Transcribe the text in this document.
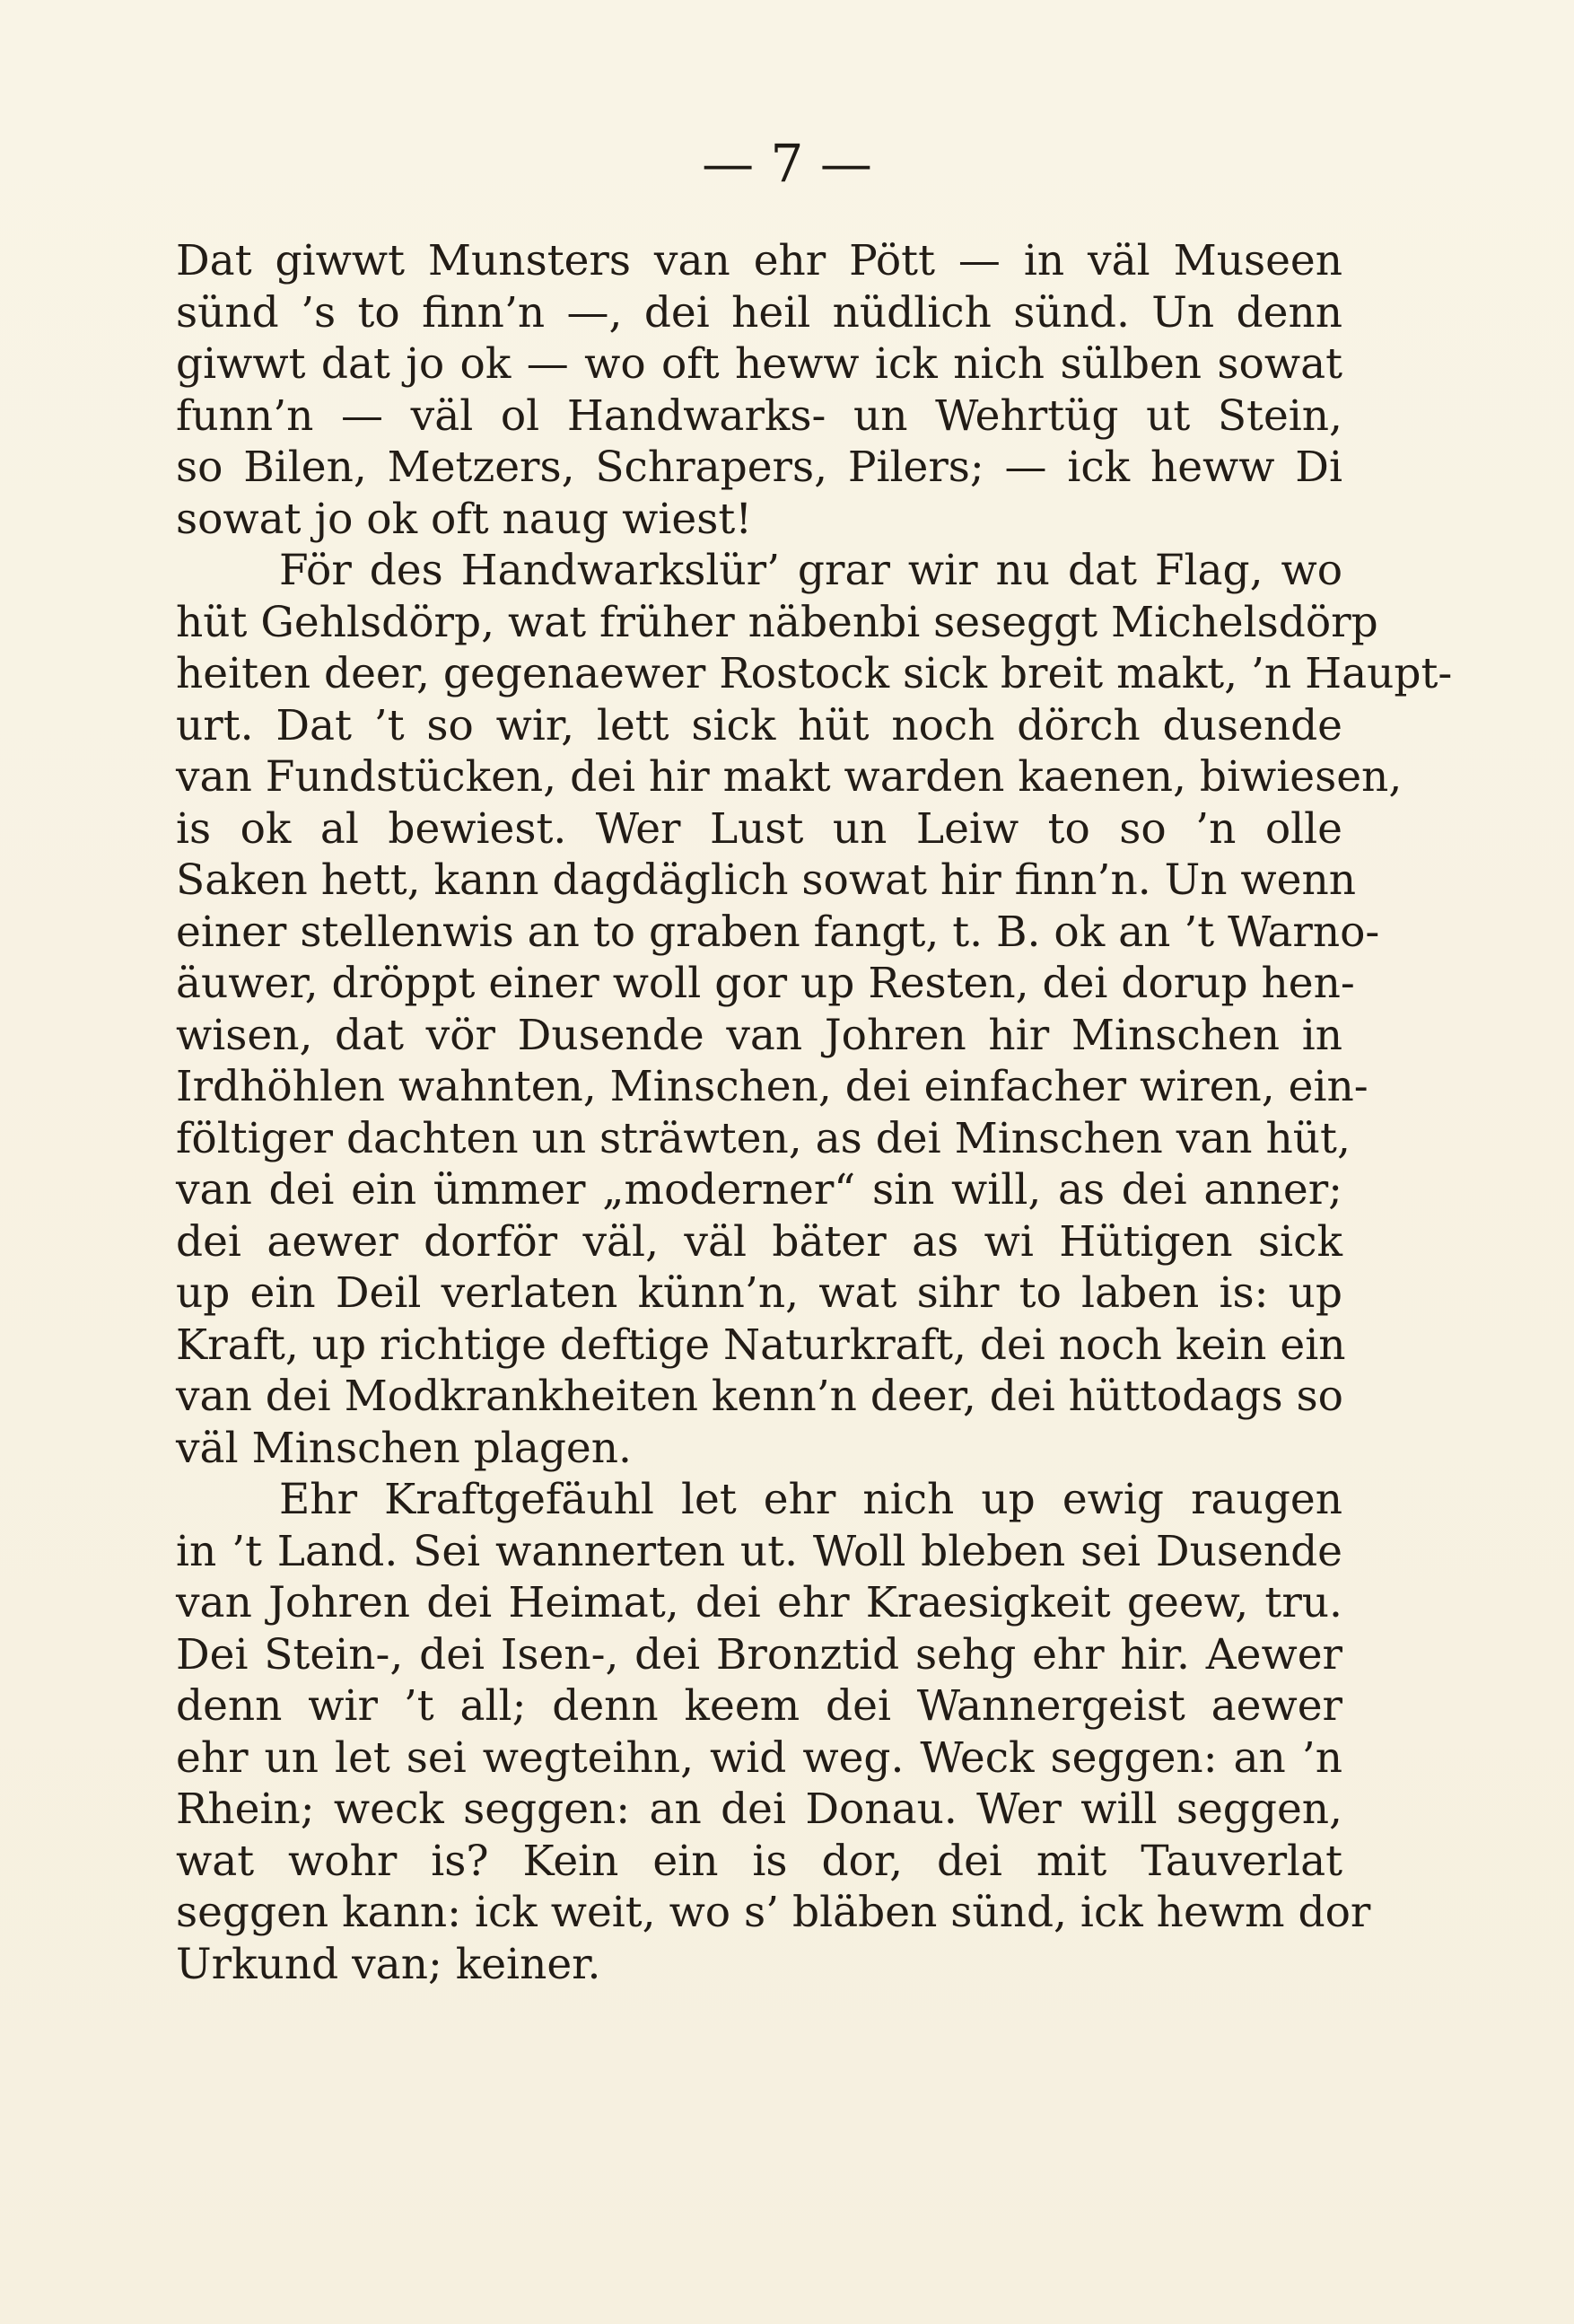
— 7 —
Dat giwwt Munsters van ehr Pött — in väl Museen
sünd ’s to finn’n —, dei heil nüdlich sünd. Un denn
giwwt dat jo ok — wo oft heww ick nich sülben sowat
funn’n — väl ol Handwarks- un Wehrtüg ut Stein,
so Bilen, Metzers, Schrapers, Pilers; — ick heww Di
sowat jo ok oft naug wiest!
För des Handwarkslür’ grar wir nu dat Flag, wo
hüt Gehlsdörp, wat früher näbenbi seseggt Michelsdörp
heiten deer, gegenaewer Rostock sick breit makt, ’n Haupt-
urt. Dat ’t so wir, lett sick hüt noch dörch dusende
van Fundstücken, dei hir makt warden kaenen, biwiesen,
is ok al bewiest. Wer Lust un Leiw to so ’n olle
Saken hett, kann dagdäglich sowat hir finn’n. Un wenn
einer stellenwis an to graben fangt, t. B. ok an ’t Warno-
äuwer, dröppt einer woll gor up Resten, dei dorup hen-
wisen, dat vör Dusende van Johren hir Minschen in
Irdhöhlen wahnten, Minschen, dei einfacher wiren, ein-
föltiger dachten un sträwten, as dei Minschen van hüt,
van dei ein ümmer „moderner“ sin will, as dei anner;
dei aewer dorför väl, väl bäter as wi Hütigen sick
up ein Deil verlaten künn’n, wat sihr to laben is: up
Kraft, up richtige deftige Naturkraft, dei noch kein ein
van dei Modkrankheiten kenn’n deer, dei hüttodags so
väl Minschen plagen.
Ehr Kraftgefäuhl let ehr nich up ewig raugen
in ’t Land. Sei wannerten ut. Woll bleben sei Dusende
van Johren dei Heimat, dei ehr Kraesigkeit geew, tru.
Dei Stein-, dei Isen-, dei Bronztid sehg ehr hir. Aewer
denn wir ’t all; denn keem dei Wannergeist aewer
ehr un let sei wegteihn, wid weg. Weck seggen: an ’n
Rhein; weck seggen: an dei Donau. Wer will seggen,
wat wohr is? Kein ein is dor, dei mit Tauverlat
seggen kann: ick weit, wo s’ bläben sünd, ick hewm dor
Urkund van; keiner.
